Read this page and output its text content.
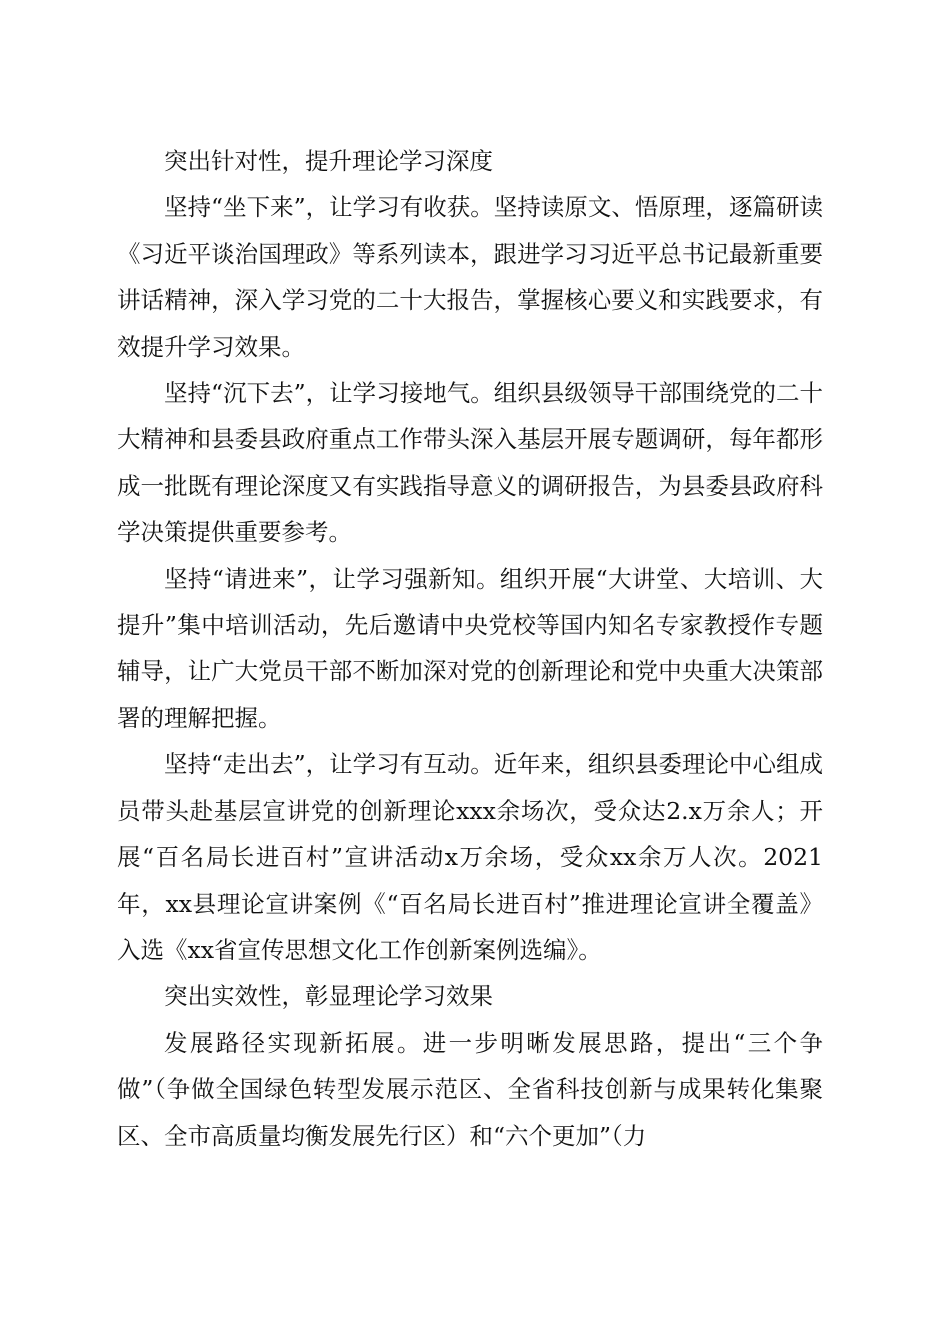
突出针对性，提升理论学习深度

坚持“坐下来”，让学习有收获。坚持读原文、悟原理，逐篇研读《习近平谈治国理政》等系列读本，跟进学习习近平总书记最新重要讲话精神，深入学习党的二十大报告，掌握核心要义和实践要求，有效提升学习效果。

坚持“沉下去”，让学习接地气。组织县级领导干部围绕党的二十大精神和县委县政府重点工作带头深入基层开展专题调研，每年都形成一批既有理论深度又有实践指导意义的调研报告，为县委县政府科学决策提供重要参考。

坚持“请进来”，让学习强新知。组织开展“大讲堂、大培训、大提升”集中培训活动，先后邀请中央党校等国内知名专家教授作专题辅导，让广大党员干部不断加深对党的创新理论和党中央重大决策部署的理解把握。

坚持“走出去”，让学习有互动。近年来，组织县委理论中心组成员带头赴基层宣讲党的创新理论xxx余场次，受众达2.x万余人；开展“百名局长进百村”宣讲活动x万余场，受众xx余万人次。2021年，xx县理论宣讲案例《“百名局长进百村”推进理论宣讲全覆盖》入选《xx省宣传思想文化工作创新案例选编》。

突出实效性，彰显理论学习效果

发展路径实现新拓展。进一步明晰发展思路，提出“三个争做”（争做全国绿色转型发展示范区、全省科技创新与成果转化集聚区、全市高质量均衡发展先行区）和“六个更加”（力
